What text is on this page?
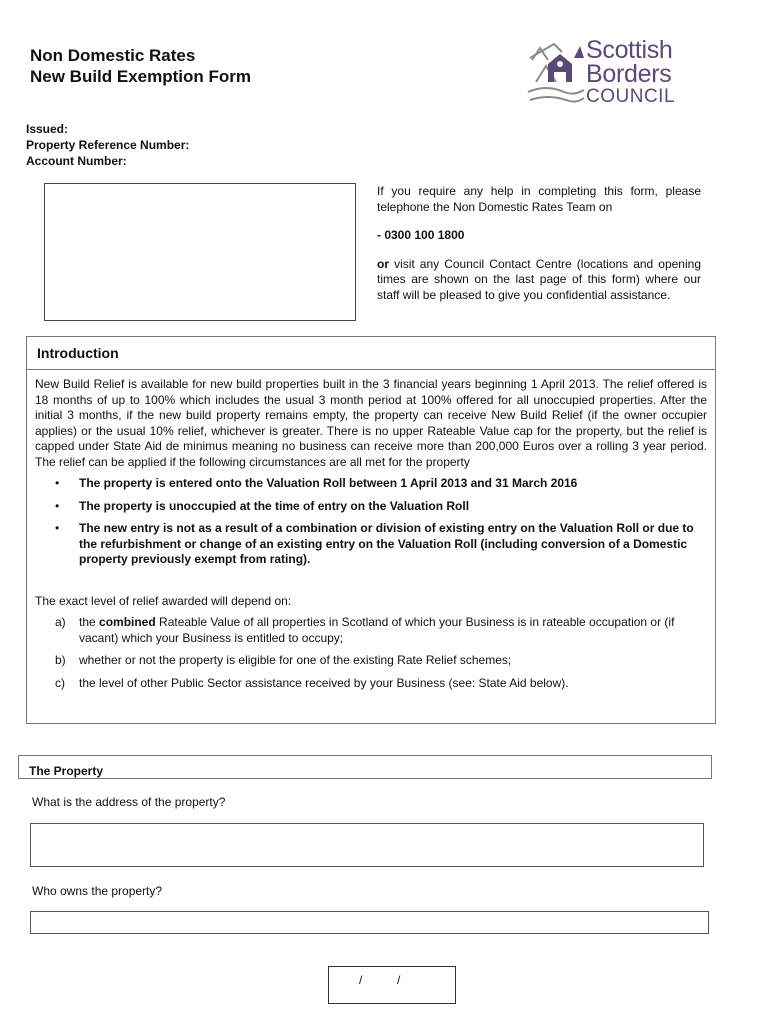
Non Domestic Rates
New Build Exemption Form
Scottish
Borders
COUNCIL
Issued:
Property Reference Number:
Account Number:

If you require any help in completing this form, please telephone the Non Domestic Rates Team on

- 0300 100 1800

or visit any Council Contact Centre (locations and opening times are shown on the last page of this form) where our staff will be pleased to give you confidential assistance.

Introduction

New Build Relief is available for new build properties built in the 3 financial years beginning 1 April 2013. The relief offered is 18 months of up to 100% which includes the usual 3 month period at 100% offered for all unoccupied properties. After the initial 3 months, if the new build property remains empty, the property can receive New Build Relief (if the owner occupier applies) or the usual 10% relief, whichever is greater. There is no upper Rateable Value cap for the property, but the relief is capped under State Aid de minimus meaning no business can receive more than 200,000 Euros over a rolling 3 year period. The relief can be applied if the following circumstances are all met for the property

• The property is entered onto the Valuation Roll between 1 April 2013 and 31 March 2016
• The property is unoccupied at the time of entry on the Valuation Roll
• The new entry is not as a result of a combination or division of existing entry on the Valuation Roll or due to the refurbishment or change of an existing entry on the Valuation Roll (including conversion of a Domestic property previously exempt from rating).

The exact level of relief awarded will depend on:

a) the combined Rateable Value of all properties in Scotland of which your Business is in rateable occupation or (if vacant) which your Business is entitled to occupy;
b) whether or not the property is eligible for one of the existing Rate Relief schemes;
c) the level of other Public Sector assistance received by your Business (see: State Aid below).
The Property
What is the address of the property?
Who owns the property?
/	/
